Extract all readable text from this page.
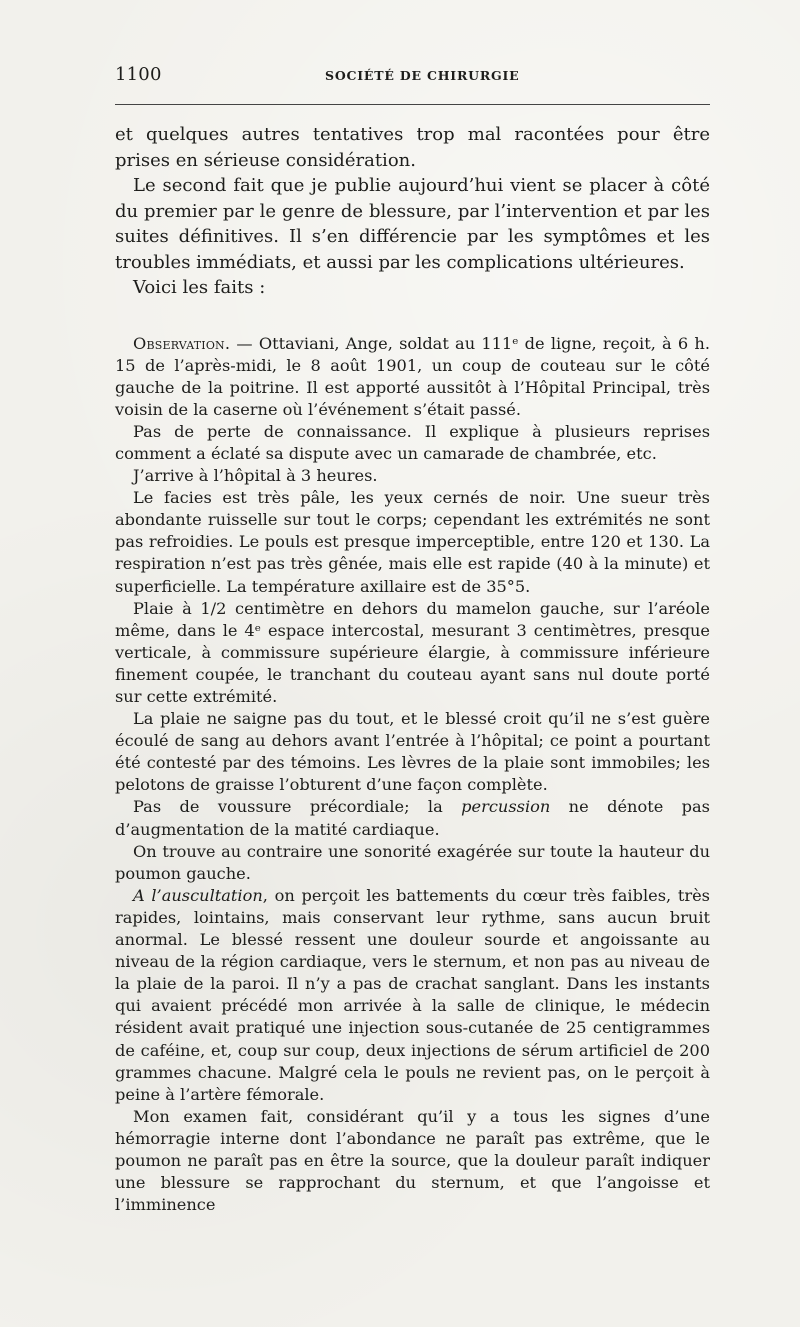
1100	SOCIÉTÉ DE CHIRURGIE

et quelques autres tentatives trop mal racontées pour être prises en sérieuse considération.

Le second fait que je publie aujourd’hui vient se placer à côté du premier par le genre de blessure, par l’intervention et par les suites définitives. Il s’en différencie par les symptômes et les troubles immédiats, et aussi par les complications ultérieures.

Voici les faits :

Observation. — Ottaviani, Ange, soldat au 111ᵉ de ligne, reçoit, à 6 h. 15 de l’après-midi, le 8 août 1901, un coup de couteau sur le côté gauche de la poitrine. Il est apporté aussitôt à l’Hôpital Principal, très voisin de la caserne où l’événement s’était passé.

Pas de perte de connaissance. Il explique à plusieurs reprises comment a éclaté sa dispute avec un camarade de chambrée, etc.

J’arrive à l’hôpital à 3 heures.

Le facies est très pâle, les yeux cernés de noir. Une sueur très abondante ruisselle sur tout le corps; cependant les extrémités ne sont pas refroidies. Le pouls est presque imperceptible, entre 120 et 130. La respiration n’est pas très gênée, mais elle est rapide (40 à la minute) et superficielle. La température axillaire est de 35°5.

Plaie à 1/2 centimètre en dehors du mamelon gauche, sur l’aréole même, dans le 4ᵉ espace intercostal, mesurant 3 centimètres, presque verticale, à commissure supérieure élargie, à commissure inférieure finement coupée, le tranchant du couteau ayant sans nul doute porté sur cette extrémité.

La plaie ne saigne pas du tout, et le blessé croit qu’il ne s’est guère écoulé de sang au dehors avant l’entrée à l’hôpital; ce point a pourtant été contesté par des témoins. Les lèvres de la plaie sont immobiles; les pelotons de graisse l’obturent d’une façon complète.

Pas de voussure précordiale; la percussion ne dénote pas d’augmentation de la matité cardiaque.

On trouve au contraire une sonorité exagérée sur toute la hauteur du poumon gauche.

A l’auscultation, on perçoit les battements du cœur très faibles, très rapides, lointains, mais conservant leur rythme, sans aucun bruit anormal. Le blessé ressent une douleur sourde et angoissante au niveau de la région cardiaque, vers le sternum, et non pas au niveau de la plaie de la paroi. Il n’y a pas de crachat sanglant. Dans les instants qui avaient précédé mon arrivée à la salle de clinique, le médecin résident avait pratiqué une injection sous-cutanée de 25 centigrammes de caféine, et, coup sur coup, deux injections de sérum artificiel de 200 grammes chacune. Malgré cela le pouls ne revient pas, on le perçoit à peine à l’artère fémorale.

Mon examen fait, considérant qu’il y a tous les signes d’une hémorragie interne dont l’abondance ne paraît pas extrême, que le poumon ne paraît pas en être la source, que la douleur paraît indiquer une blessure se rapprochant du sternum, et que l’angoisse et l’imminence
